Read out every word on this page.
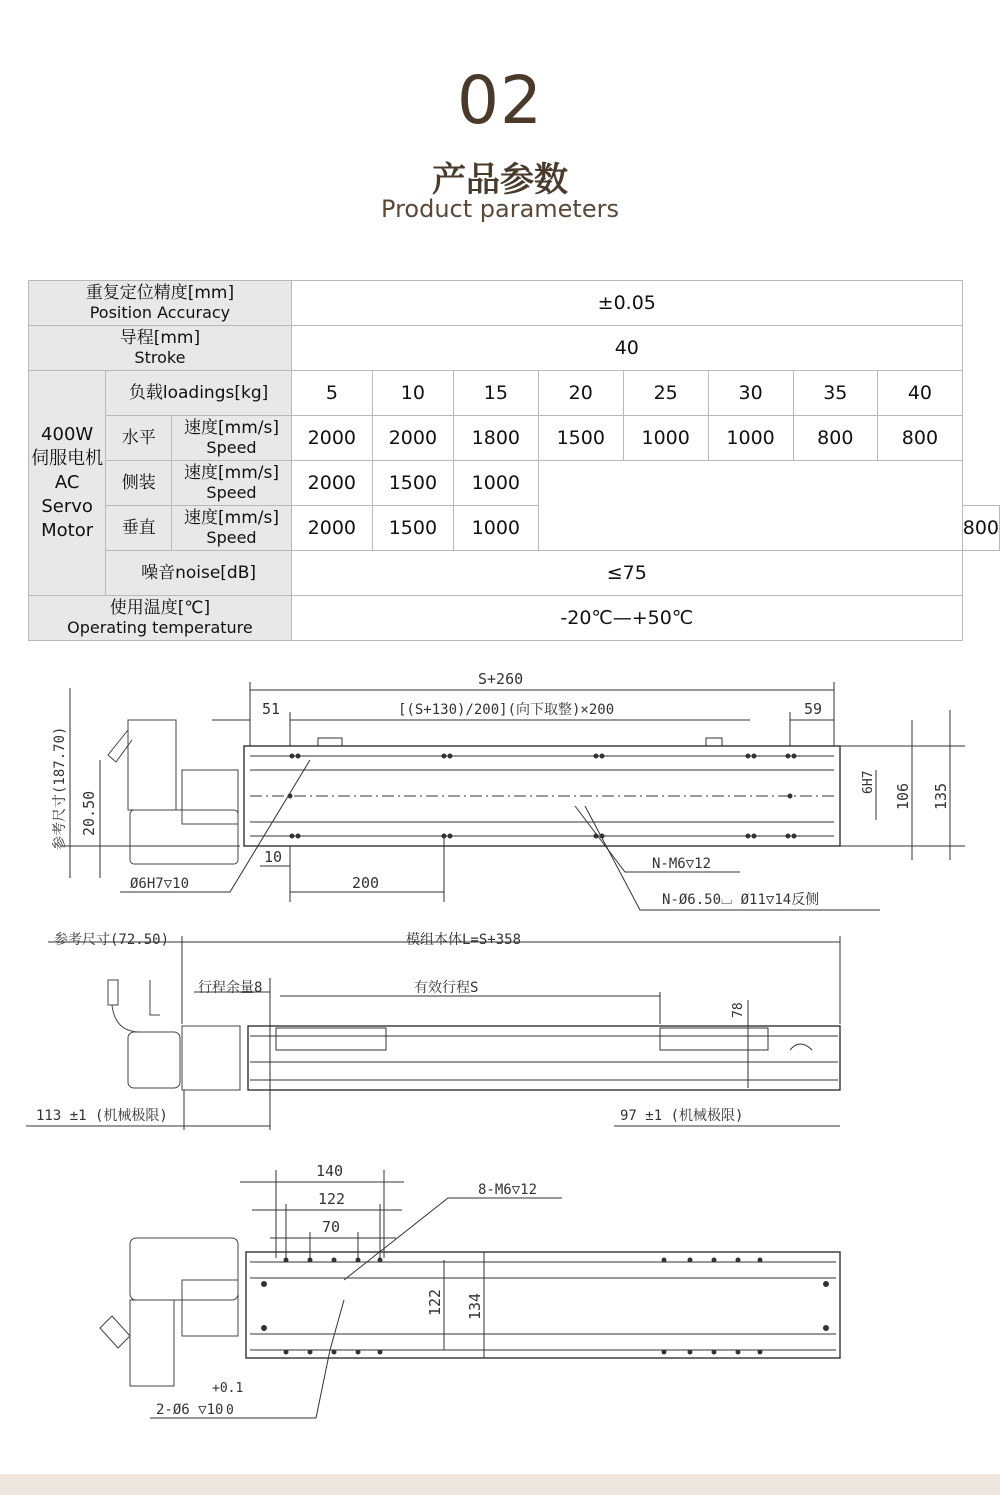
02
产品参数
Product parameters
重复定位精度[mm]
Position Accuracy			±0.05								

导程[mm]
Stroke			40								

400W
伺服电机
AC
Servo
Motor	负载loadings[kg]		5	10	15	20	25	30	35	40	
	水平	速度[mm/s]
Speed	2000	2000	1800	1500	1000	1000	800	800	
	侧装	速度[mm/s]
Speed	2000	1500	1000						
	垂直	速度[mm/s]
Speed	2000	1500	1000						800
	噪音noise[dB]		≤75								

使用温度[℃]
Operating temperature			-20℃—+50℃								
S+260
[(S+130)/200](向下取整)×200
51	59
参考尺寸(187.70) 20.50
6H7
106 135
10
200
Ø6H7▽10
N-M6▽12
N-Ø6.50⌴ Ø11▽14反侧
参考尺寸(72.50)	模组本体L=S+358
行程余量8	有效行程S
78
113 ±1 (机械极限)	97 ±1 (机械极限)
140
122
70
8-M6▽12
122 134
+0.1
0
2-Ø6 ▽10
